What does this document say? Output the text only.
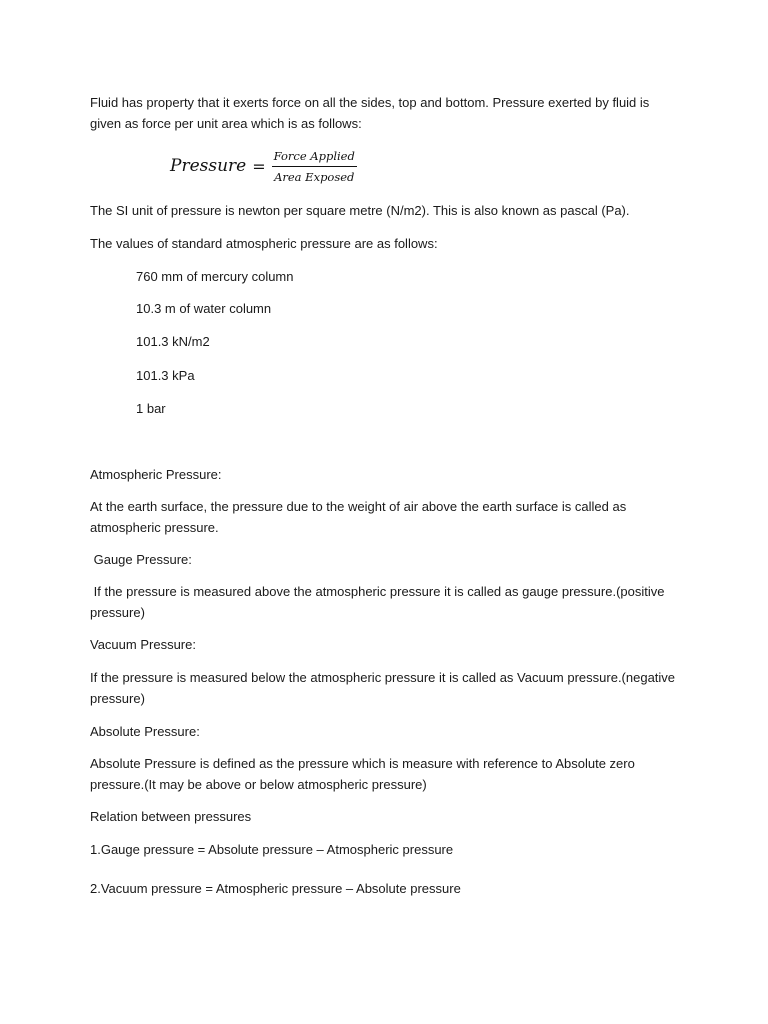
Fluid has property that it exerts force on all the sides, top and bottom. Pressure exerted by fluid is given as force per unit area which is as follows:

Pressure = $\frac{\text{Force Applied}}{\text{Area Exposed}}$

The SI unit of pressure is newton per square metre (N/m2). This is also known as pascal (Pa).

The values of standard atmospheric pressure are as follows:

760 mm of mercury column

10.3 m of water column

101.3 kN/m2

101.3 kPa

1 bar

Atmospheric Pressure:

At the earth surface, the pressure due to the weight of air above the earth surface is called as atmospheric pressure.

Gauge Pressure:

If the pressure is measured above the atmospheric pressure it is called as gauge pressure.(positive pressure)

Vacuum Pressure:

If the pressure is measured below the atmospheric pressure it is called as Vacuum pressure.(negative pressure)

Absolute Pressure:

Absolute Pressure is defined as the pressure which is measure with reference to Absolute zero pressure.(It may be above or below atmospheric pressure)

Relation between pressures

1.Gauge pressure = Absolute pressure – Atmospheric pressure

2.Vacuum pressure = Atmospheric pressure – Absolute pressure
